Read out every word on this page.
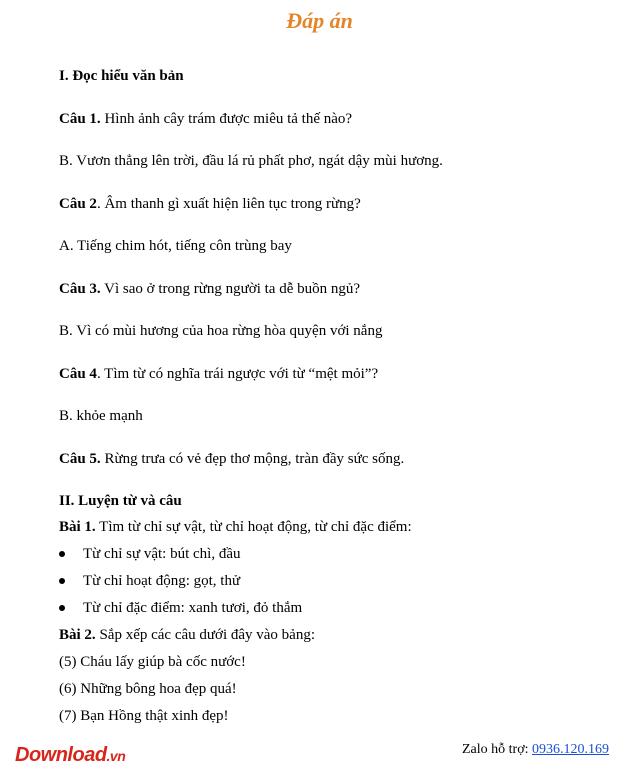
Đáp án
I. Đọc hiểu văn bản
Câu 1. Hình ảnh cây trám được miêu tả thế nào?
B. Vươn thẳng lên trời, đầu lá rủ phất phơ, ngát dậy mùi hương.
Câu 2. Âm thanh gì xuất hiện liên tục trong rừng?
A. Tiếng chim hót, tiếng côn trùng bay
Câu 3. Vì sao ở trong rừng người ta dễ buồn ngủ?
B. Vì có mùi hương của hoa rừng hòa quyện với nắng
Câu 4. Tìm từ có nghĩa trái ngược với từ “mệt mỏi”?
B. khỏe mạnh
Câu 5. Rừng trưa có vẻ đẹp thơ mộng, tràn đầy sức sống.
II. Luyện từ và câu
Bài 1. Tìm từ chỉ sự vật, từ chỉ hoạt động, từ chỉ đặc điểm:
Từ chỉ sự vật: bút chì, đầu
Từ chỉ hoạt động: gọt, thử
Từ chỉ đặc điểm: xanh tươi, đỏ thắm
Bài 2. Sắp xếp các câu dưới đây vào bảng:
(5) Cháu lấy giúp bà cốc nước!
(6) Những bông hoa đẹp quá!
(7) Bạn Hồng thật xinh đẹp!
Download.vn	Zalo hỗ trợ: 0936.120.169
